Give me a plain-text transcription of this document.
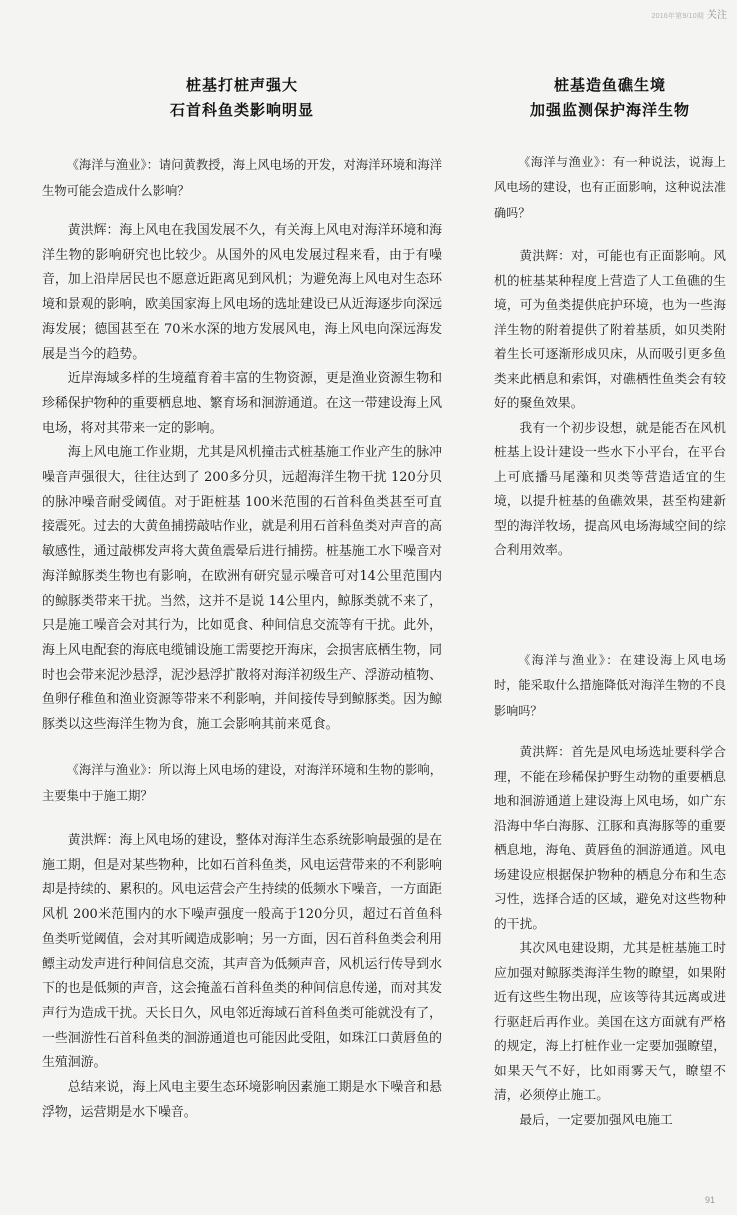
2016年第9/10期 关注
桩基打桩声强大
石首科鱼类影响明显

《海洋与渔业》：请问黄教授，海上风电场的开发，对海洋环境和海洋生物可能会造成什么影响？

黄洪辉：海上风电在我国发展不久，有关海上风电对海洋环境和海洋生物的影响研究也比较少。从国外的风电发展过程来看，由于有噪音，加上沿岸居民也不愿意近距离见到风机；为避免海上风电对生态环境和景观的影响，欧美国家海上风电场的选址建设已从近海逐步向深远海发展；德国甚至在 70米水深的地方发展风电，海上风电向深远海发展是当今的趋势。

近岸海域多样的生境蕴育着丰富的生物资源，更是渔业资源生物和珍稀保护物种的重要栖息地、繁育场和洄游通道。在这一带建设海上风电场，将对其带来一定的影响。

海上风电施工作业期，尤其是风机撞击式桩基施工作业产生的脉冲噪音声强很大，往往达到了 200多分贝，远超海洋生物干扰 120分贝的脉冲噪音耐受阈值。对于距桩基 100米范围的石首科鱼类甚至可直接震死。过去的大黄鱼捕捞敲咕作业，就是利用石首科鱼类对声音的高敏感性，通过敲梆发声将大黄鱼震晕后进行捕捞。桩基施工水下噪音对海洋鲸豚类生物也有影响，在欧洲有研究显示噪音可对14公里范围内的鲸豚类带来干扰。当然，这并不是说 14公里内，鲸豚类就不来了，只是施工噪音会对其行为，比如觅食、种间信息交流等有干扰。此外，海上风电配套的海底电缆铺设施工需要挖开海床，会损害底栖生物，同时也会带来泥沙悬浮，泥沙悬浮扩散将对海洋初级生产、浮游动植物、鱼卵仔稚鱼和渔业资源等带来不利影响，并间接传导到鲸豚类。因为鲸豚类以这些海洋生物为食，施工会影响其前来觅食。

《海洋与渔业》：所以海上风电场的建设，对海洋环境和生物的影响，主要集中于施工期？

黄洪辉：海上风电场的建设，整体对海洋生态系统影响最强的是在施工期，但是对某些物种，比如石首科鱼类，风电运营带来的不利影响却是持续的、累积的。风电运营会产生持续的低频水下噪音，一方面距风机 200米范围内的水下噪声强度一般高于120分贝，超过石首鱼科鱼类听觉阈值，会对其听阈造成影响；另一方面，因石首科鱼类会利用鳔主动发声进行种间信息交流，其声音为低频声音，风机运行传导到水下的也是低频的声音，这会掩盖石首科鱼类的种间信息传递，而对其发声行为造成干扰。天长日久，风电邻近海域石首科鱼类可能就没有了，一些洄游性石首科鱼类的洄游通道也可能因此受阻，如珠江口黄唇鱼的生殖洄游。

总结来说，海上风电主要生态环境影响因素施工期是水下噪音和悬浮物，运营期是水下噪音。

桩基造鱼礁生境
加强监测保护海洋生物

《海洋与渔业》：有一种说法，说海上风电场的建设，也有正面影响，这种说法准确吗？

黄洪辉：对，可能也有正面影响。风机的桩基某种程度上营造了人工鱼礁的生境，可为鱼类提供庇护环境，也为一些海洋生物的附着提供了附着基质，如贝类附着生长可逐渐形成贝床，从而吸引更多鱼类来此栖息和索饵，对礁栖性鱼类会有较好的聚鱼效果。

我有一个初步设想，就是能否在风机桩基上设计建设一些水下小平台，在平台上可底播马尾藻和贝类等营造适宜的生境，以提升桩基的鱼礁效果，甚至构建新型的海洋牧场，提高风电场海域空间的综合利用效率。

《海洋与渔业》：在建设海上风电场时，能采取什么措施降低对海洋生物的不良影响吗？

黄洪辉：首先是风电场选址要科学合理，不能在珍稀保护野生动物的重要栖息地和洄游通道上建设海上风电场，如广东沿海中华白海豚、江豚和真海豚等的重要栖息地，海龟、黄唇鱼的洄游通道。风电场建设应根据保护物种的栖息分布和生态习性，选择合适的区域，避免对这些物种的干扰。

其次风电建设期，尤其是桩基施工时应加强对鲸豚类海洋生物的瞭望，如果附近有这些生物出现，应该等待其远离或进行驱赶后再作业。美国在这方面就有严格的规定，海上打桩作业一定要加强瞭望，如果天气不好，比如雨雾天气，瞭望不清，必须停止施工。

最后，一定要加强风电施工

91
